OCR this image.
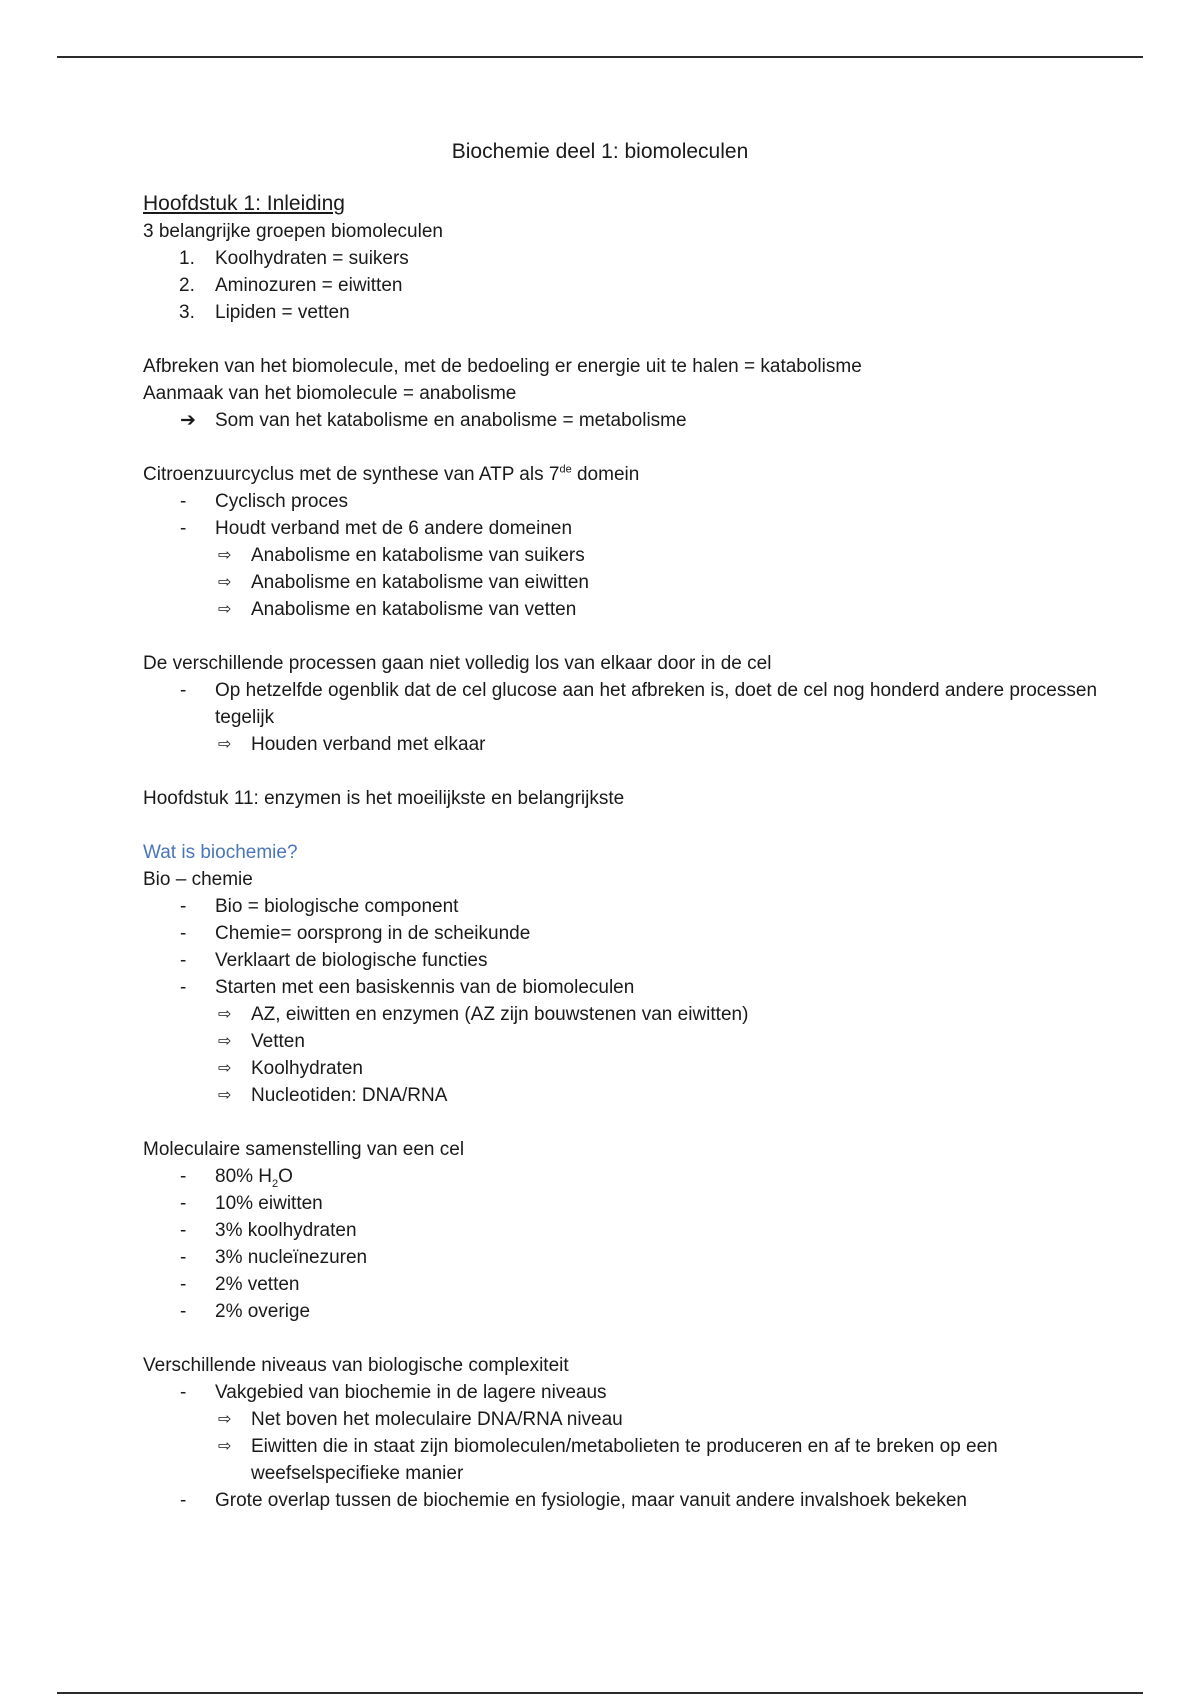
Biochemie deel 1: biomoleculen
Hoofdstuk 1: Inleiding
3 belangrijke groepen biomoleculen
1. Koolhydraten = suikers
2. Aminozuren = eiwitten
3. Lipiden = vetten
Afbreken van het biomolecule, met de bedoeling er energie uit te halen = katabolisme
Aanmaak van het biomolecule = anabolisme
➔ Som van het katabolisme en anabolisme = metabolisme
Citroenzuurcyclus met de synthese van ATP als 7de domein
- Cyclisch proces
- Houdt verband met de 6 andere domeinen
⇨ Anabolisme en katabolisme van suikers
⇨ Anabolisme en katabolisme van eiwitten
⇨ Anabolisme en katabolisme van vetten
De verschillende processen gaan niet volledig los van elkaar door in de cel
- Op hetzelfde ogenblik dat de cel glucose aan het afbreken is, doet de cel nog honderd andere processen tegelijk
⇨ Houden verband met elkaar
Hoofdstuk 11: enzymen is het moeilijkste en belangrijkste
Wat is biochemie?
Bio – chemie
- Bio = biologische component
- Chemie= oorsprong in de scheikunde
- Verklaart de biologische functies
- Starten met een basiskennis van de biomoleculen
⇨ AZ, eiwitten en enzymen (AZ zijn bouwstenen van eiwitten)
⇨ Vetten
⇨ Koolhydraten
⇨ Nucleotiden: DNA/RNA
Moleculaire samenstelling van een cel
- 80% $H_2O$
- 10% eiwitten
- 3% koolhydraten
- 3% nucleïnezuren
- 2% vetten
- 2% overige
Verschillende niveaus van biologische complexiteit
- Vakgebied van biochemie in de lagere niveaus
⇨ Net boven het moleculaire DNA/RNA niveau
⇨ Eiwitten die in staat zijn biomoleculen/metabolieten te produceren en af te breken op een weefselspecifieke manier
- Grote overlap tussen de biochemie en fysiologie, maar vanuit andere invalshoek bekeken
